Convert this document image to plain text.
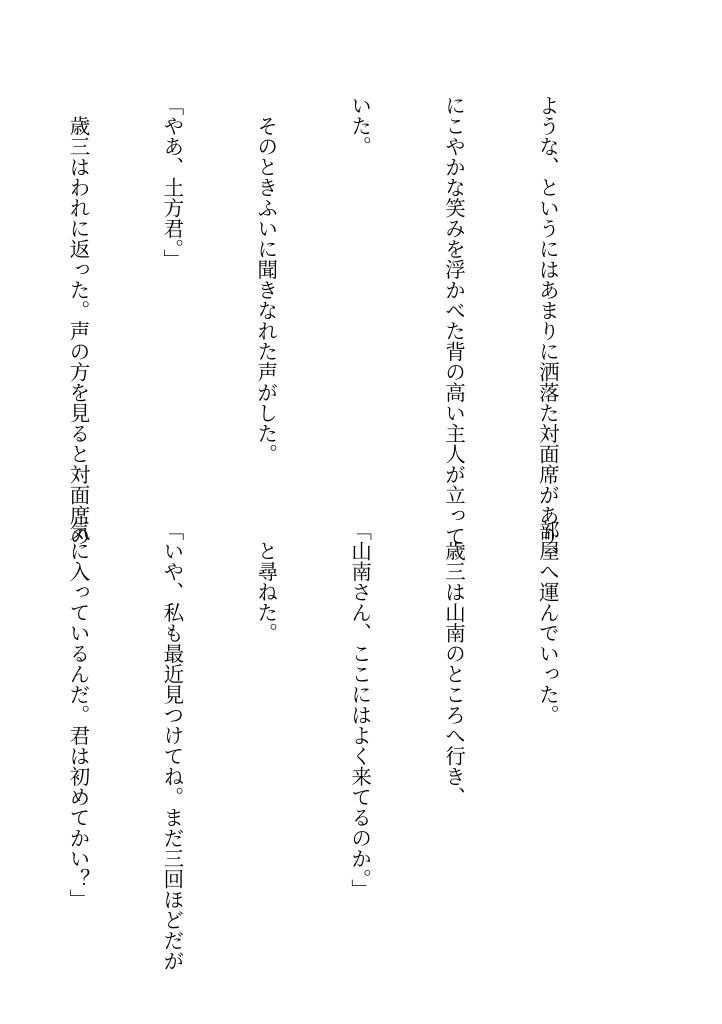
ような、というにはあまりに洒落た対面席があり、

にこやかな笑みを浮かべた背の高い主人が立って

いた。

　そのときふいに聞きなれた声がした。

「やあ、土方君。」

　歳三はわれに返った。声の方を見ると対面席の

部屋へ運んでいった。

　歳三は山南のところへ行き、

「山南さん、ここにはよく来てるのか。」

　と尋ねた。

「いや、私も最近見つけてね。まだ三回ほどだが

気に入っているんだ。君は初めてかい？」
